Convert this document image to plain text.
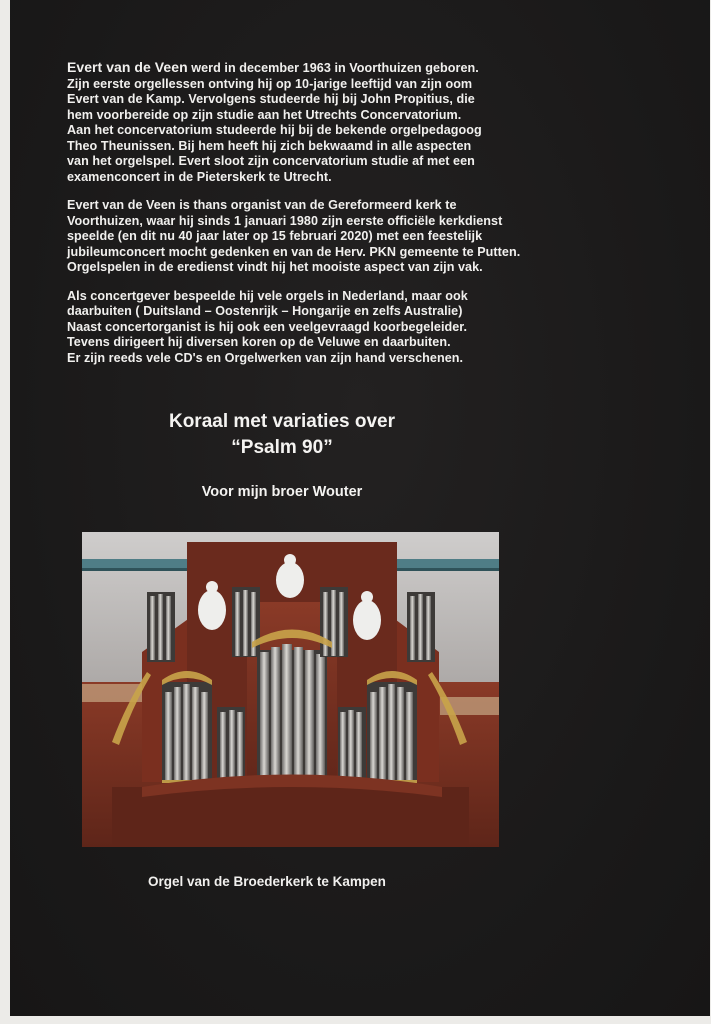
Evert van de Veen werd in december 1963 in Voorthuizen geboren.
Zijn eerste orgellessen ontving hij op 10-jarige leeftijd van zijn oom
Evert van de Kamp. Vervolgens studeerde hij bij John Propitius, die
hem voorbereide op zijn studie aan het Utrechts Concervatorium.
Aan het concervatorium studeerde hij bij de bekende orgelpedagoog
Theo Theunissen. Bij hem heeft hij zich bekwaamd in alle aspecten
van het orgelspel. Evert sloot zijn concervatorium studie af met een
examenconcert in de Pieterskerk te Utrecht.

Evert van de Veen is thans organist van de Gereformeerd kerk te
Voorthuizen, waar hij sinds 1 januari 1980 zijn eerste officiële kerkdienst
speelde (en dit nu 40 jaar later op 15 februari 2020) met een feestelijk
jubileumconcert mocht gedenken en van de Herv. PKN gemeente te Putten.
Orgelspelen in de eredienst vindt hij het mooiste aspect van zijn vak.

Als concertgever bespeelde hij vele orgels in Nederland, maar ook
daarbuiten ( Duitsland – Oostenrijk – Hongarije en zelfs Australie)
Naast concertorganist is hij ook een veelgevraagd koorbegeleider.
Tevens dirigeert hij diversen koren op de Veluwe en daarbuiten.
Er zijn reeds vele CD's en Orgelwerken van zijn hand verschenen.

Koraal met variaties over
“Psalm 90”
Voor mijn broer Wouter
Orgel van de Broederkerk te Kampen
